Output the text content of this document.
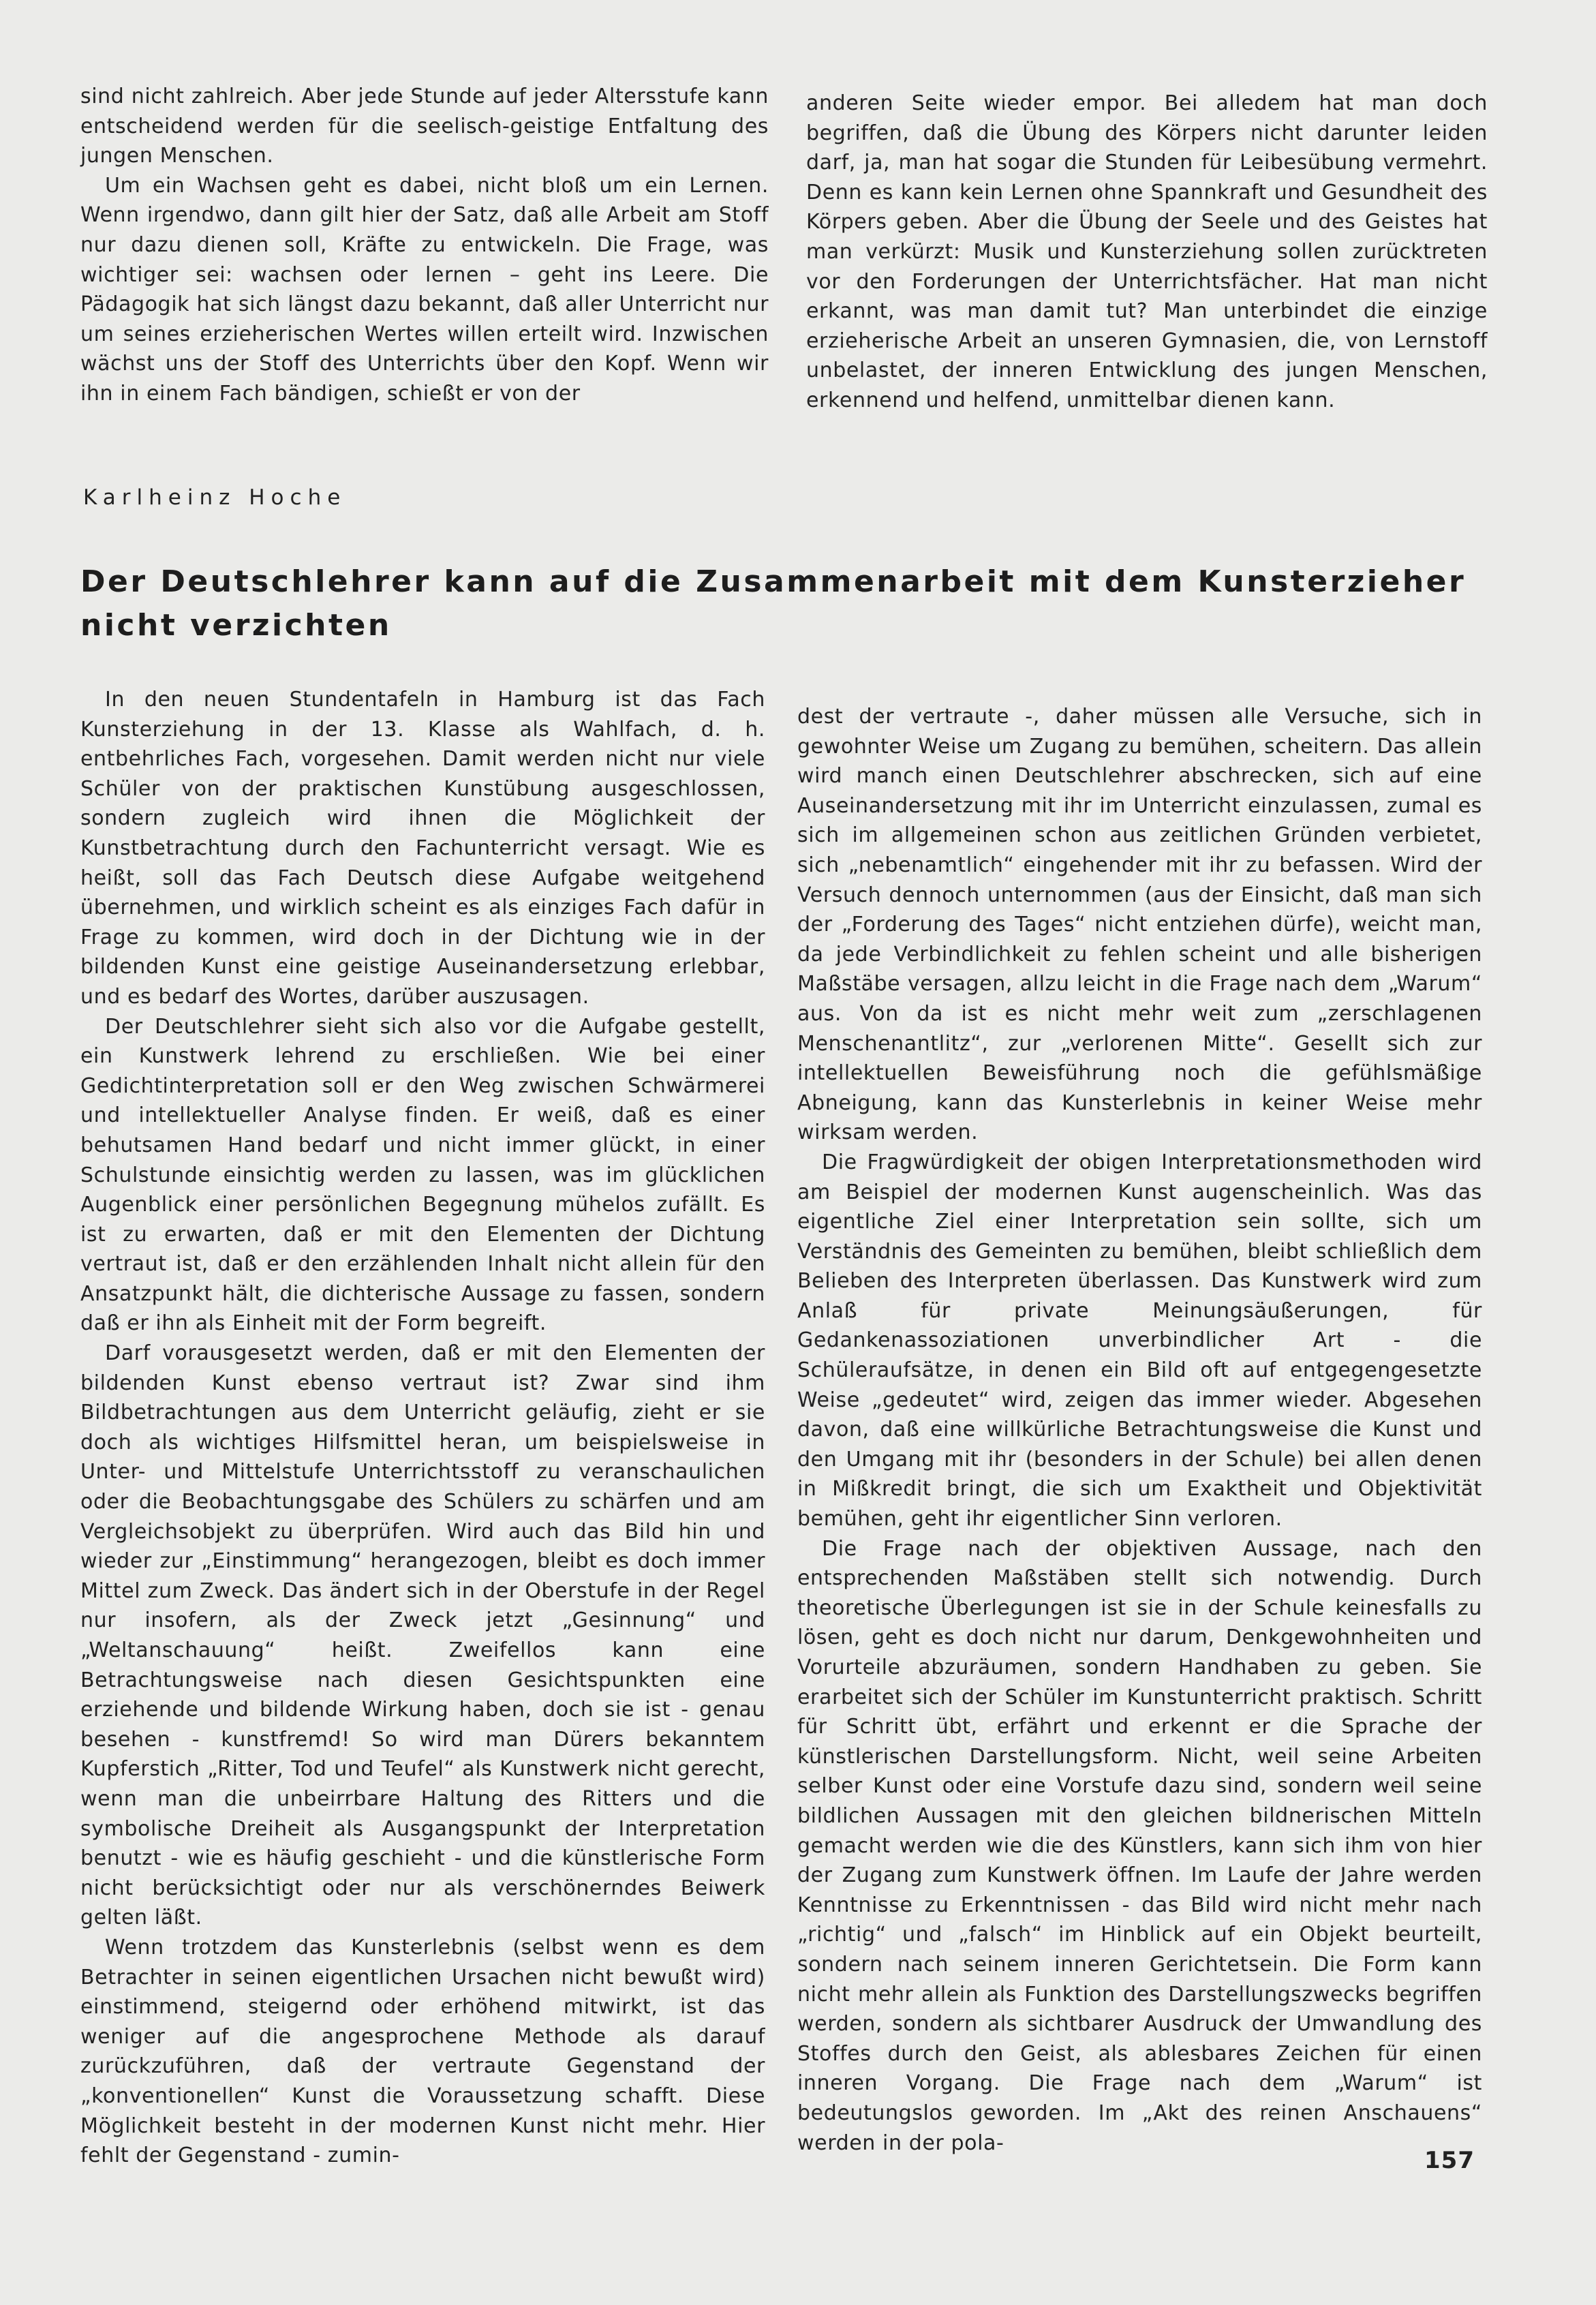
sind nicht zahlreich. Aber jede Stunde auf jeder Altersstufe kann entscheidend werden für die seelisch-geistige Entfaltung des jungen Menschen.

Um ein Wachsen geht es dabei, nicht bloß um ein Lernen. Wenn irgendwo, dann gilt hier der Satz, daß alle Arbeit am Stoff nur dazu dienen soll, Kräfte zu entwickeln. Die Frage, was wichtiger sei: wachsen oder lernen – geht ins Leere. Die Pädagogik hat sich längst dazu bekannt, daß aller Unterricht nur um seines erzieherischen Wertes willen erteilt wird. Inzwischen wächst uns der Stoff des Unterrichts über den Kopf. Wenn wir ihn in einem Fach bändigen, schießt er von der

anderen Seite wieder empor. Bei alledem hat man doch begriffen, daß die Übung des Körpers nicht darunter leiden darf, ja, man hat sogar die Stunden für Leibesübung vermehrt. Denn es kann kein Lernen ohne Spannkraft und Gesundheit des Körpers geben. Aber die Übung der Seele und des Geistes hat man verkürzt: Musik und Kunsterziehung sollen zurücktreten vor den Forderungen der Unterrichtsfächer. Hat man nicht erkannt, was man damit tut? Man unterbindet die einzige erzieherische Arbeit an unseren Gymnasien, die, von Lernstoff unbelastet, der inneren Entwicklung des jungen Menschen, erkennend und helfend, unmittelbar dienen kann.

Karlheinz Hoche
Der Deutschlehrer kann auf die Zusammenarbeit mit dem Kunsterzieher nicht verzichten

In den neuen Stundentafeln in Hamburg ist das Fach Kunsterziehung in der 13. Klasse als Wahlfach, d. h. entbehrliches Fach, vorgesehen. Damit werden nicht nur viele Schüler von der praktischen Kunstübung ausgeschlossen, sondern zugleich wird ihnen die Möglichkeit der Kunstbetrachtung durch den Fachunterricht versagt. Wie es heißt, soll das Fach Deutsch diese Aufgabe weitgehend übernehmen, und wirklich scheint es als einziges Fach dafür in Frage zu kommen, wird doch in der Dichtung wie in der bildenden Kunst eine geistige Auseinandersetzung erlebbar, und es bedarf des Wortes, darüber auszusagen.

Der Deutschlehrer sieht sich also vor die Aufgabe gestellt, ein Kunstwerk lehrend zu erschließen. Wie bei einer Gedichtinterpretation soll er den Weg zwischen Schwärmerei und intellektueller Analyse finden. Er weiß, daß es einer behutsamen Hand bedarf und nicht immer glückt, in einer Schulstunde einsichtig werden zu lassen, was im glücklichen Augenblick einer persönlichen Begegnung mühelos zufällt. Es ist zu erwarten, daß er mit den Elementen der Dichtung vertraut ist, daß er den erzählenden Inhalt nicht allein für den Ansatzpunkt hält, die dichterische Aussage zu fassen, sondern daß er ihn als Einheit mit der Form begreift.

Darf vorausgesetzt werden, daß er mit den Elementen der bildenden Kunst ebenso vertraut ist? Zwar sind ihm Bildbetrachtungen aus dem Unterricht geläufig, zieht er sie doch als wichtiges Hilfsmittel heran, um beispielsweise in Unter- und Mittelstufe Unterrichtsstoff zu veranschaulichen oder die Beobachtungsgabe des Schülers zu schärfen und am Vergleichsobjekt zu überprüfen. Wird auch das Bild hin und wieder zur „Einstimmung“ herangezogen, bleibt es doch immer Mittel zum Zweck. Das ändert sich in der Oberstufe in der Regel nur insofern, als der Zweck jetzt „Gesinnung“ und „Weltanschauung“ heißt. Zweifellos kann eine Betrachtungsweise nach diesen Gesichtspunkten eine erziehende und bildende Wirkung haben, doch sie ist - genau besehen - kunstfremd! So wird man Dürers bekanntem Kupferstich „Ritter, Tod und Teufel“ als Kunstwerk nicht gerecht, wenn man die unbeirrbare Haltung des Ritters und die symbolische Dreiheit als Ausgangspunkt der Interpretation benutzt - wie es häufig geschieht - und die künstlerische Form nicht berücksichtigt oder nur als verschönerndes Beiwerk gelten läßt.

Wenn trotzdem das Kunsterlebnis (selbst wenn es dem Betrachter in seinen eigentlichen Ursachen nicht bewußt wird) einstimmend, steigernd oder erhöhend mitwirkt, ist das weniger auf die angesprochene Methode als darauf zurückzuführen, daß der vertraute Gegenstand der „konventionellen“ Kunst die Voraussetzung schafft. Diese Möglichkeit besteht in der modernen Kunst nicht mehr. Hier fehlt der Gegenstand - zumin-

dest der vertraute -, daher müssen alle Versuche, sich in gewohnter Weise um Zugang zu bemühen, scheitern. Das allein wird manch einen Deutschlehrer abschrecken, sich auf eine Auseinandersetzung mit ihr im Unterricht einzulassen, zumal es sich im allgemeinen schon aus zeitlichen Gründen verbietet, sich „nebenamtlich“ eingehender mit ihr zu befassen. Wird der Versuch dennoch unternommen (aus der Einsicht, daß man sich der „Forderung des Tages“ nicht entziehen dürfe), weicht man, da jede Verbindlichkeit zu fehlen scheint und alle bisherigen Maßstäbe versagen, allzu leicht in die Frage nach dem „Warum“ aus. Von da ist es nicht mehr weit zum „zerschlagenen Menschenantlitz“, zur „verlorenen Mitte“. Gesellt sich zur intellektuellen Beweisführung noch die gefühlsmäßige Abneigung, kann das Kunsterlebnis in keiner Weise mehr wirksam werden.

Die Fragwürdigkeit der obigen Interpretationsmethoden wird am Beispiel der modernen Kunst augenscheinlich. Was das eigentliche Ziel einer Interpretation sein sollte, sich um Verständnis des Gemeinten zu bemühen, bleibt schließlich dem Belieben des Interpreten überlassen. Das Kunstwerk wird zum Anlaß für private Meinungsäußerungen, für Gedankenassoziationen unverbindlicher Art - die Schüleraufsätze, in denen ein Bild oft auf entgegengesetzte Weise „gedeutet“ wird, zeigen das immer wieder. Abgesehen davon, daß eine willkürliche Betrachtungsweise die Kunst und den Umgang mit ihr (besonders in der Schule) bei allen denen in Mißkredit bringt, die sich um Exaktheit und Objektivität bemühen, geht ihr eigentlicher Sinn verloren.

Die Frage nach der objektiven Aussage, nach den entsprechenden Maßstäben stellt sich notwendig. Durch theoretische Überlegungen ist sie in der Schule keinesfalls zu lösen, geht es doch nicht nur darum, Denkgewohnheiten und Vorurteile abzuräumen, sondern Handhaben zu geben. Sie erarbeitet sich der Schüler im Kunstunterricht praktisch. Schritt für Schritt übt, erfährt und erkennt er die Sprache der künstlerischen Darstellungsform. Nicht, weil seine Arbeiten selber Kunst oder eine Vorstufe dazu sind, sondern weil seine bildlichen Aussagen mit den gleichen bildnerischen Mitteln gemacht werden wie die des Künstlers, kann sich ihm von hier der Zugang zum Kunstwerk öffnen. Im Laufe der Jahre werden Kenntnisse zu Erkenntnissen - das Bild wird nicht mehr nach „richtig“ und „falsch“ im Hinblick auf ein Objekt beurteilt, sondern nach seinem inneren Gerichtetsein. Die Form kann nicht mehr allein als Funktion des Darstellungszwecks begriffen werden, sondern als sichtbarer Ausdruck der Umwandlung des Stoffes durch den Geist, als ablesbares Zeichen für einen inneren Vorgang. Die Frage nach dem „Warum“ ist bedeutungslos geworden. Im „Akt des reinen Anschauens“ werden in der pola-

157
